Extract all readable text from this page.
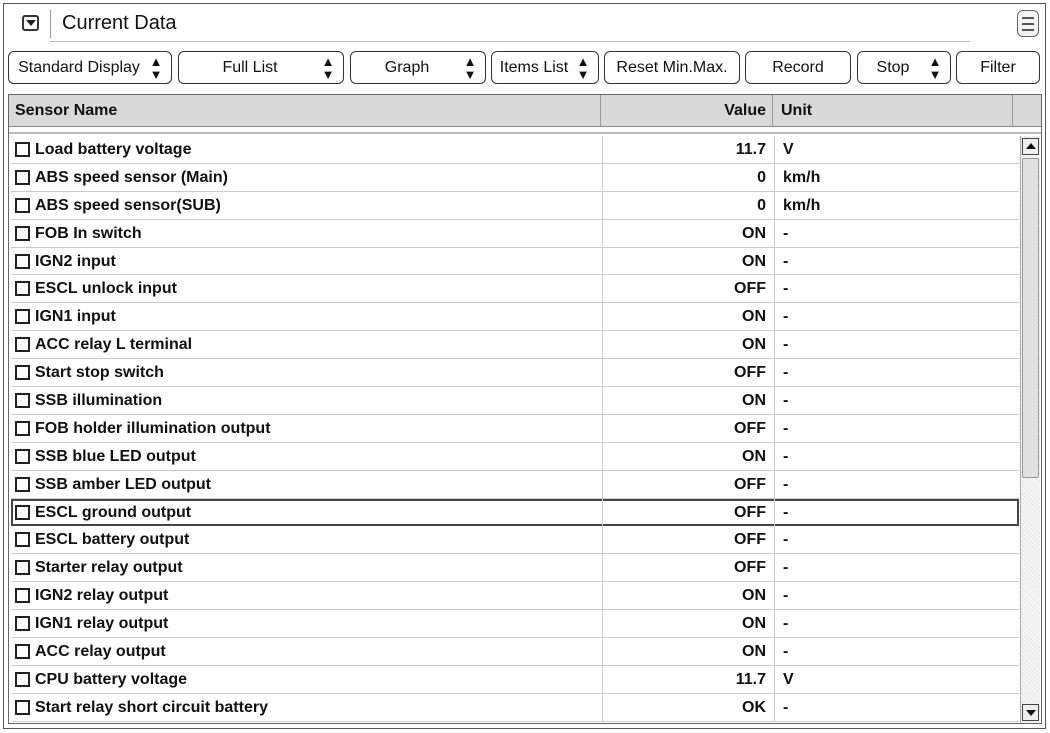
Current Data
Standard Display ▲
▼	Full List	▲
▼	Graph	▲
▼	Items List ▲
▼	Reset Min.Max.	Record	Stop	▲
▼	Filter
Sensor Name	Value Unit
Load battery voltage	11.7	V
ABS speed sensor (Main)	0	km/h
ABS speed sensor(SUB)	0	km/h
FOB In switch	ON	-
IGN2 input	ON	-
ESCL unlock input	OFF	-
IGN1 input	ON	-
ACC relay L terminal	ON	-
Start stop switch	OFF	-
SSB illumination	ON	-
FOB holder illumination output	OFF	-
SSB blue LED output	ON	-
SSB amber LED output	OFF	-
ESCL ground output	OFF	-
ESCL battery output	OFF	-
Starter relay output	OFF	-
IGN2 relay output	ON	-
IGN1 relay output	ON	-
ACC relay output	ON	-
CPU battery voltage	11.7	V
Start relay short circuit battery	OK	-
